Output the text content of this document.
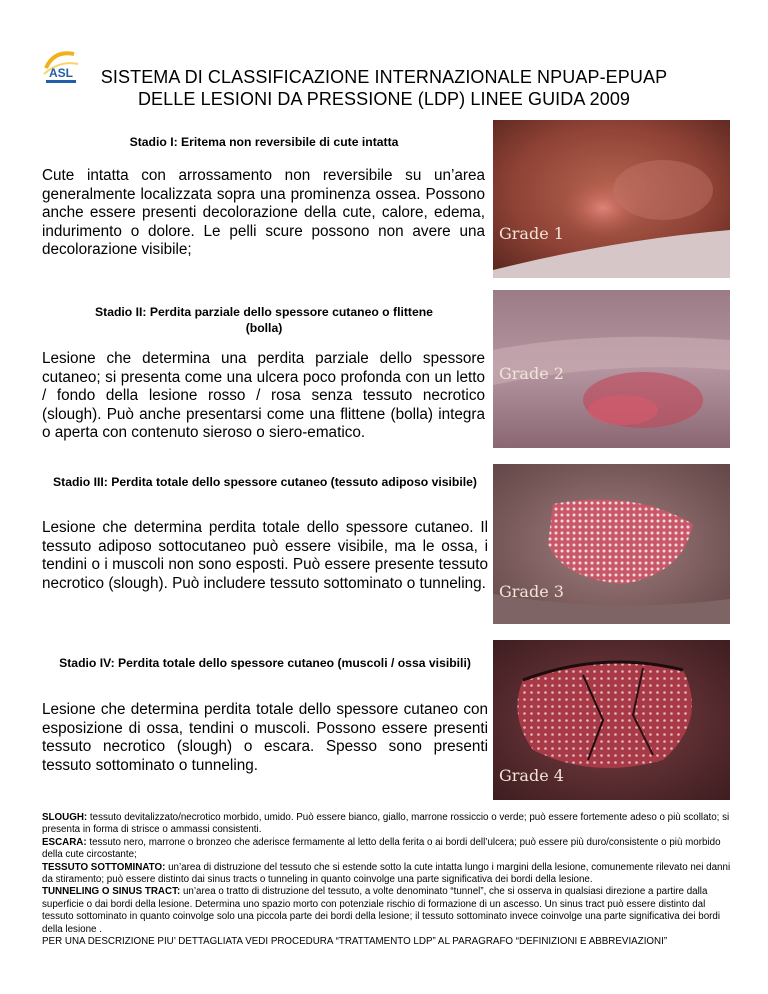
ASL	SISTEMA DI CLASSIFICAZIONE INTERNAZIONALE NPUAP-EPUAP
DELLE LESIONI DA PRESSIONE (LDP) LINEE GUIDA 2009
Stadio I: Eritema non reversibile di cute intatta
Cute intatta con arrossamento non reversibile su un’area generalmente localizzata sopra una prominenza ossea. Possono anche essere presenti decolorazione della cute, calore, edema, indurimento o dolore. Le pelli scure possono non avere una decolorazione visibile;
Grade 1
Stadio II: Perdita parziale dello spessore cutaneo o flittene (bolla)
Lesione che determina una perdita parziale dello spessore cutaneo; si presenta come una ulcera poco profonda con un letto / fondo della lesione rosso / rosa senza tessuto necrotico (slough). Può anche presentarsi come una flittene (bolla) integra o aperta con contenuto sieroso o siero-ematico.
Grade 2
Stadio III: Perdita totale dello spessore cutaneo (tessuto adiposo visibile)
Lesione che determina perdita totale dello spessore cutaneo. Il tessuto adiposo sottocutaneo può essere visibile, ma le ossa, i tendini o i muscoli non sono esposti. Può essere presente tessuto necrotico (slough). Può includere tessuto sottominato o tunneling. Grade 3
Stadio IV: Perdita totale dello spessore cutaneo (muscoli / ossa visibili)
Lesione che determina perdita totale dello spessore cutaneo con esposizione di ossa, tendini o muscoli. Possono essere presenti tessuto necrotico (slough) o escara. Spesso sono presenti tessuto sottominato o tunneling.
Grade 4

SLOUGH: tessuto devitalizzato/necrotico morbido, umido. Può essere bianco, giallo, marrone rossiccio o verde; può essere fortemente adeso o più scollato; si presenta in forma di strisce o ammassi consistenti.

ESCARA: tessuto nero, marrone o bronzeo che aderisce fermamente al letto della ferita o ai bordi dell’ulcera; può essere più duro/consistente o più morbido della cute circostante;

TESSUTO SOTTOMINATO: un’area di distruzione del tessuto che si estende sotto la cute intatta lungo i margini della lesione, comunemente rilevato nei danni da stiramento; può essere distinto dai sinus tracts o tunneling in quanto coinvolge una parte significativa dei bordi della lesione.

TUNNELING O SINUS TRACT: un’area o tratto di distruzione del tessuto, a volte denominato “tunnel”, che si osserva in qualsiasi direzione a partire dalla superficie o dai bordi della lesione. Determina uno spazio morto con potenziale rischio di formazione di un ascesso. Un sinus tract può essere distinto dal tessuto sottominato in quanto coinvolge solo una piccola parte dei bordi della lesione; il tessuto sottominato invece coinvolge una parte significativa dei bordi della lesione .

PER UNA DESCRIZIONE PIU’ DETTAGLIATA VEDI PROCEDURA “TRATTAMENTO LDP” AL PARAGRAFO “DEFINIZIONI E ABBREVIAZIONI”
